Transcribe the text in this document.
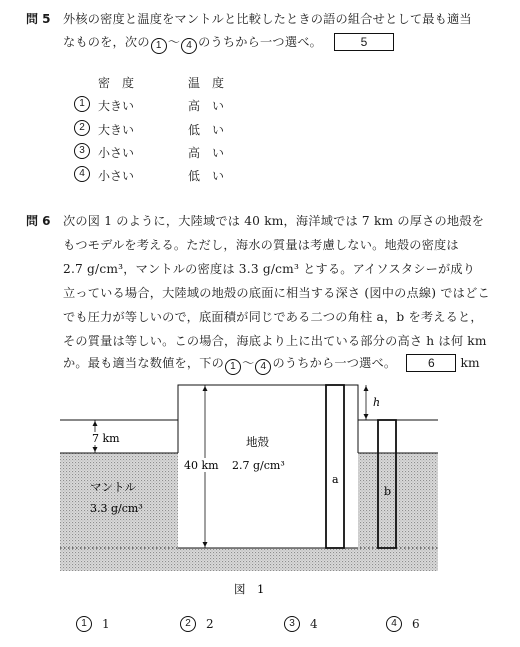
問 5 外核の密度と温度をマントルと比較したときの語の組合せとして最も適当
なものを，次の 1 〜 4 のうちから一つ選べ。	5
密　度	温　度
1	大きい	高　い
2	大きい	低　い
3	小さい	高　い
4	小さい	低　い
問 6 次の図 1 のように，大陸域では 40 km，海洋域では 7 km の厚さの地殻を
もつモデルを考える。ただし，海水の質量は考慮しない。地殻の密度は
2.7 g/cm³，マントルの密度は 3.3 g/cm³ とする。アイソスタシーが成り
立っている場合，大陸域の地殻の底面に相当する深さ (図中の点線) ではどこ
でも圧力が等しいので，底面積が同じである二つの角柱 a，b を考えると，
その質量は等しい。この場合，海底より上に出ている部分の高さ h は何 km
か。最も適当な数値を，下の 1 〜 4 のうちから一つ選べ。	6 km
7 km
40 km
地殻
2.7 g/cm³
マントル
3.3 g/cm³
a
b
h
図　1
1	1	2	2	3	4	4	6
